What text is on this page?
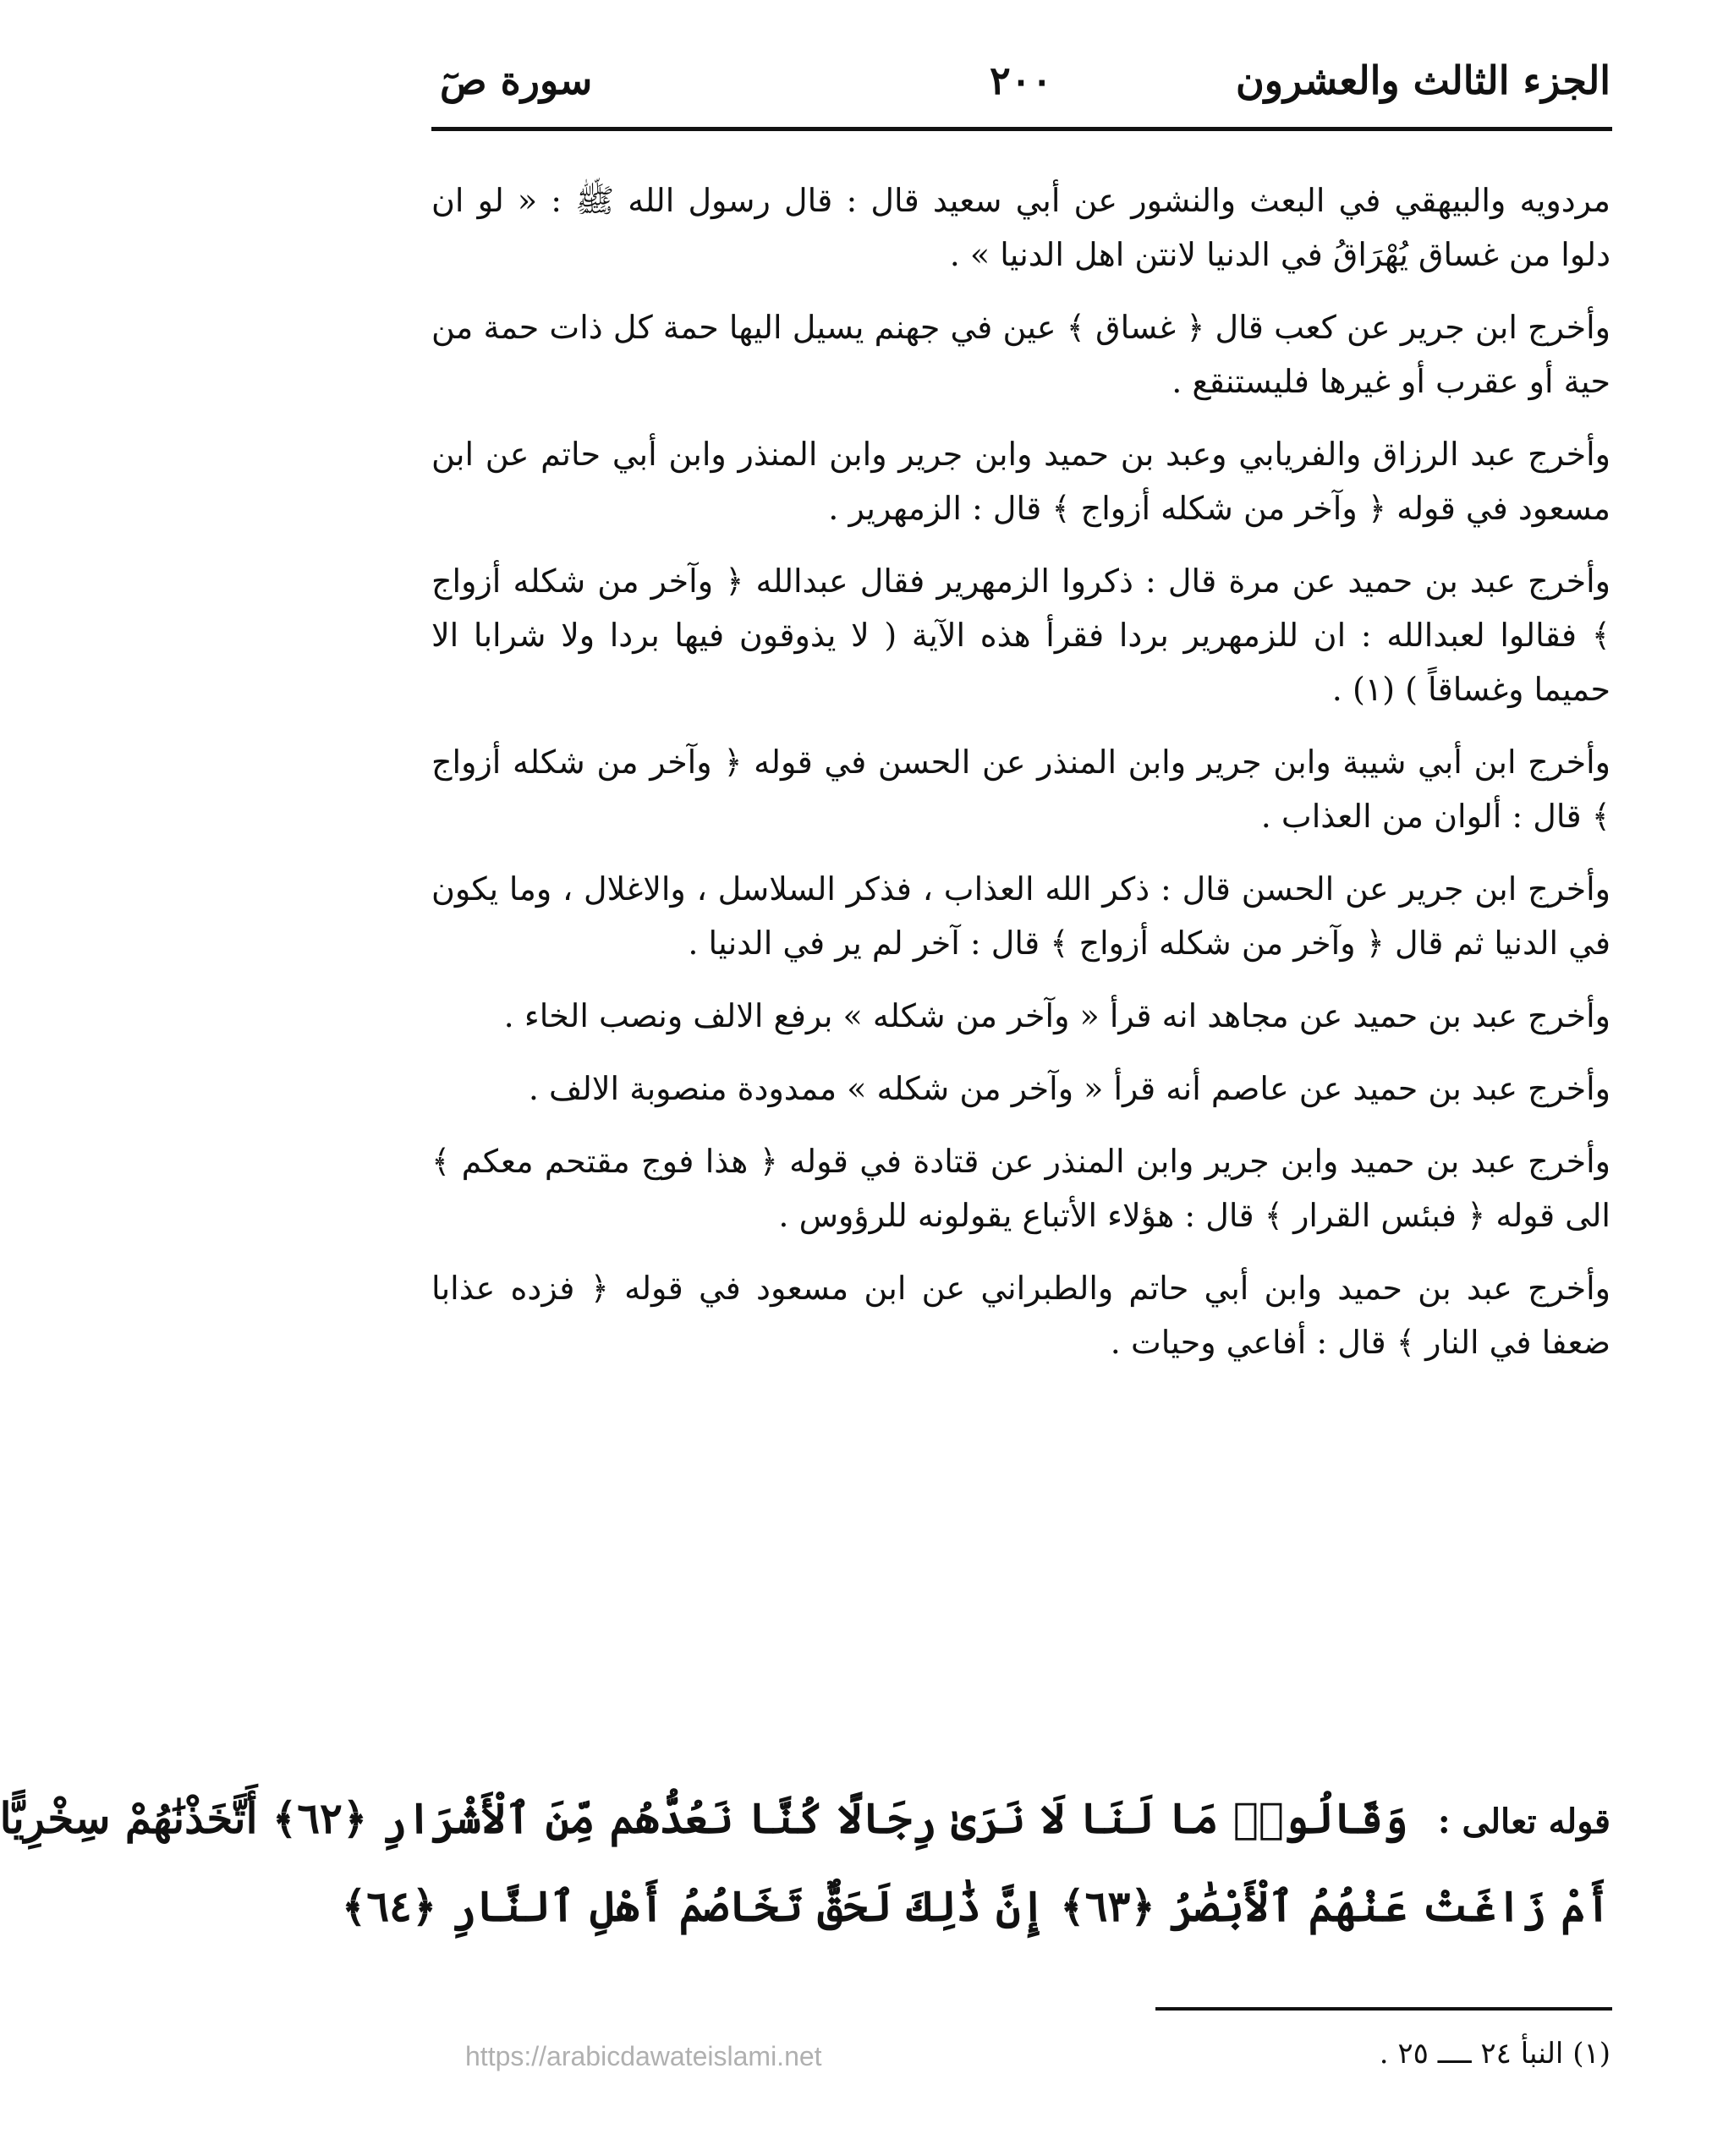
الجزء الثالث والعشرون
٢٠٠
سورة صٓ

مردويه والبيهقي في البعث والنشور عن أبي سعيد قال : قال رسول الله ﷺ : « لو ان دلوا من غساق يُهْرَاقُ في الدنيا لانتن اهل الدنيا » .

وأخرج ابن جرير عن كعب قال ﴿ غساق ﴾ عين في جهنم يسيل اليها حمة كل ذات حمة من حية أو عقرب أو غيرها فليستنقع .

وأخرج عبد الرزاق والفريابي وعبد بن حميد وابن جرير وابن المنذر وابن أبي حاتم عن ابن مسعود في قوله ﴿ وآخر من شكله أزواج ﴾ قال : الزمهرير .

وأخرج عبد بن حميد عن مرة قال : ذكروا الزمهرير فقال عبدالله ﴿ وآخر من شكله أزواج ﴾ فقالوا لعبدالله : ان للزمهرير بردا فقرأ هذه الآية ( لا يذوقون فيها بردا ولا شرابا الا حميما وغساقاً ) (١) .

وأخرج ابن أبي شيبة وابن جرير وابن المنذر عن الحسن في قوله ﴿ وآخر من شكله أزواج ﴾ قال : ألوان من العذاب .

وأخرج ابن جرير عن الحسن قال : ذكر الله العذاب ، فذكر السلاسل ، والاغلال ، وما يكون في الدنيا ثم قال ﴿ وآخر من شكله أزواج ﴾ قال : آخر لم ير في الدنيا .

وأخرج عبد بن حميد عن مجاهد انه قرأ « وآخر من شكله » برفع الالف ونصب الخاء .

وأخرج عبد بن حميد عن عاصم أنه قرأ « وآخر من شكله » ممدودة منصوبة الالف .

وأخرج عبد بن حميد وابن جرير وابن المنذر عن قتادة في قوله ﴿ هذا فوج مقتحم معكم ﴾ الى قوله ﴿ فبئس القرار ﴾ قال : هؤلاء الأتباع يقولونه للرؤوس .

وأخرج عبد بن حميد وابن أبي حاتم والطبراني عن ابن مسعود في قوله ﴿ فزده عذابا ضعفا في النار ﴾ قال : أفاعي وحيات .

قوله تعالى : وَقَالُوا۟ مَا لَنَا لَا نَرَىٰ رِجَالًا كُنَّا نَعُدُّهُم مِّنَ ٱلْأَشْرَارِ ﴿٦٢﴾ أَتَّخَذْنَٰهُمْ سِخْرِيًّا
أَمْ زَاغَتْ عَنْهُمُ ٱلْأَبْصَٰرُ ﴿٦٣﴾ إِنَّ ذَٰلِكَ لَحَقٌّ تَخَاصُمُ أَهْلِ ٱلنَّارِ ﴿٦٤﴾
(١) النبأ ٢٤ ــــ ٢٥ .
https://arabicdawateislami.net
